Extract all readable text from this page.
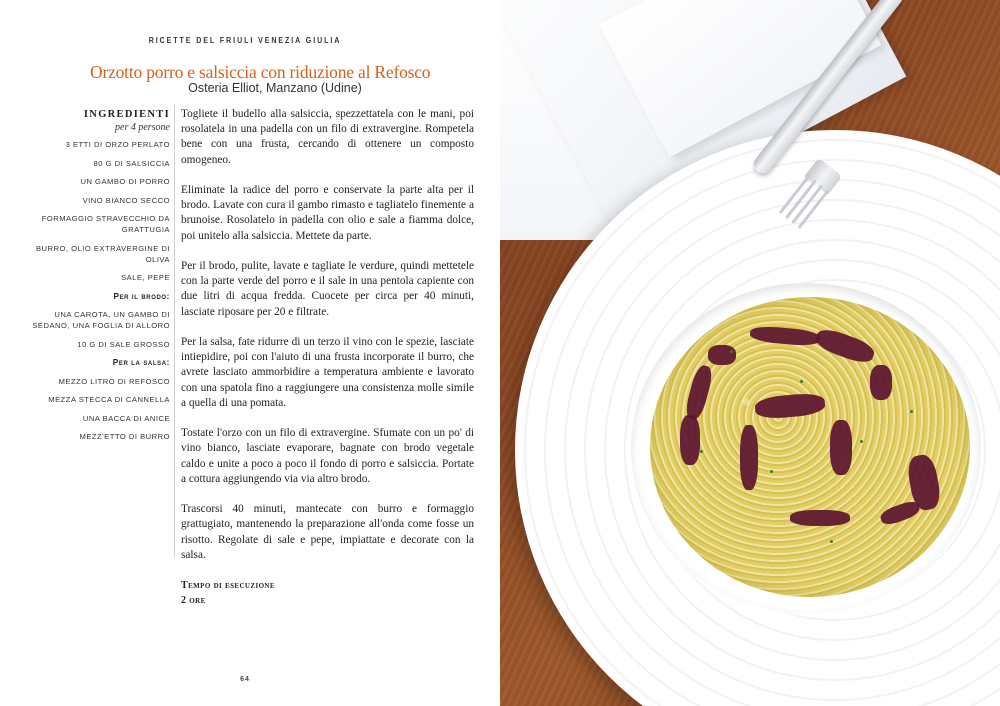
RICETTE DEL FRIULI VENEZIA GIULIA
Orzotto porro e salsiccia con riduzione al Refosco
Osteria Elliot, Manzano (Udine)
INGREDIENTI
per 4 persone
3 ETTI DI ORZO PERLATO
80 G DI SALSICCIA
UN GAMBO DI PORRO
VINO BIANCO SECCO
FORMAGGIO STRAVECCHIO DA GRATTUGIA
BURRO, OLIO EXTRAVERGINE DI OLIVA
SALE, PEPE
Per il brodo:
UNA CAROTA, UN GAMBO DI SEDANO, UNA FOGLIA DI ALLORO
10 G DI SALE GROSSO
Per la salsa:
MEZZO LITRO DI REFOSCO
MEZZA STECCA DI CANNELLA
UNA BACCA DI ANICE
MEZZ'ETTO DI BURRO

Togliete il budello alla salsiccia, spezzettatela con le mani, poi rosolatela in una padella con un filo di extravergine. Rompetela bene con una frusta, cercando di ottenere un composto omogeneo.

Eliminate la radice del porro e conservate la parte alta per il brodo. Lavate con cura il gambo rimasto e tagliatelo finemente a brunoise. Rosolatelo in padella con olio e sale a fiamma dolce, poi unitelo alla salsiccia. Mettete da parte.

Per il brodo, pulite, lavate e tagliate le verdure, quindi mettetele con la parte verde del porro e il sale in una pentola capiente con due litri di acqua fredda. Cuocete per circa per 40 minuti, lasciate riposare per 20 e filtrate.

Per la salsa, fate ridurre di un terzo il vino con le spezie, lasciate intiepidire, poi con l'aiuto di una frusta incorporate il burro, che avrete lasciato ammorbidire a temperatura ambiente e lavorato con una spatola fino a raggiungere una consistenza molle simile a quella di una pomata.

Tostate l'orzo con un filo di extravergine. Sfumate con un po' di vino bianco, lasciate evaporare, bagnate con brodo vegetale caldo e unite a poco a poco il fondo di porro e salsiccia. Portate a cottura aggiungendo via via altro brodo.

Trascorsi 40 minuti, mantecate con burro e formaggio grattugiato, mantenendo la preparazione all'onda come fosse un risotto. Regolate di sale e pepe, impiattate e decorate con la salsa.

Tempo di esecuzione
2 ore
64
